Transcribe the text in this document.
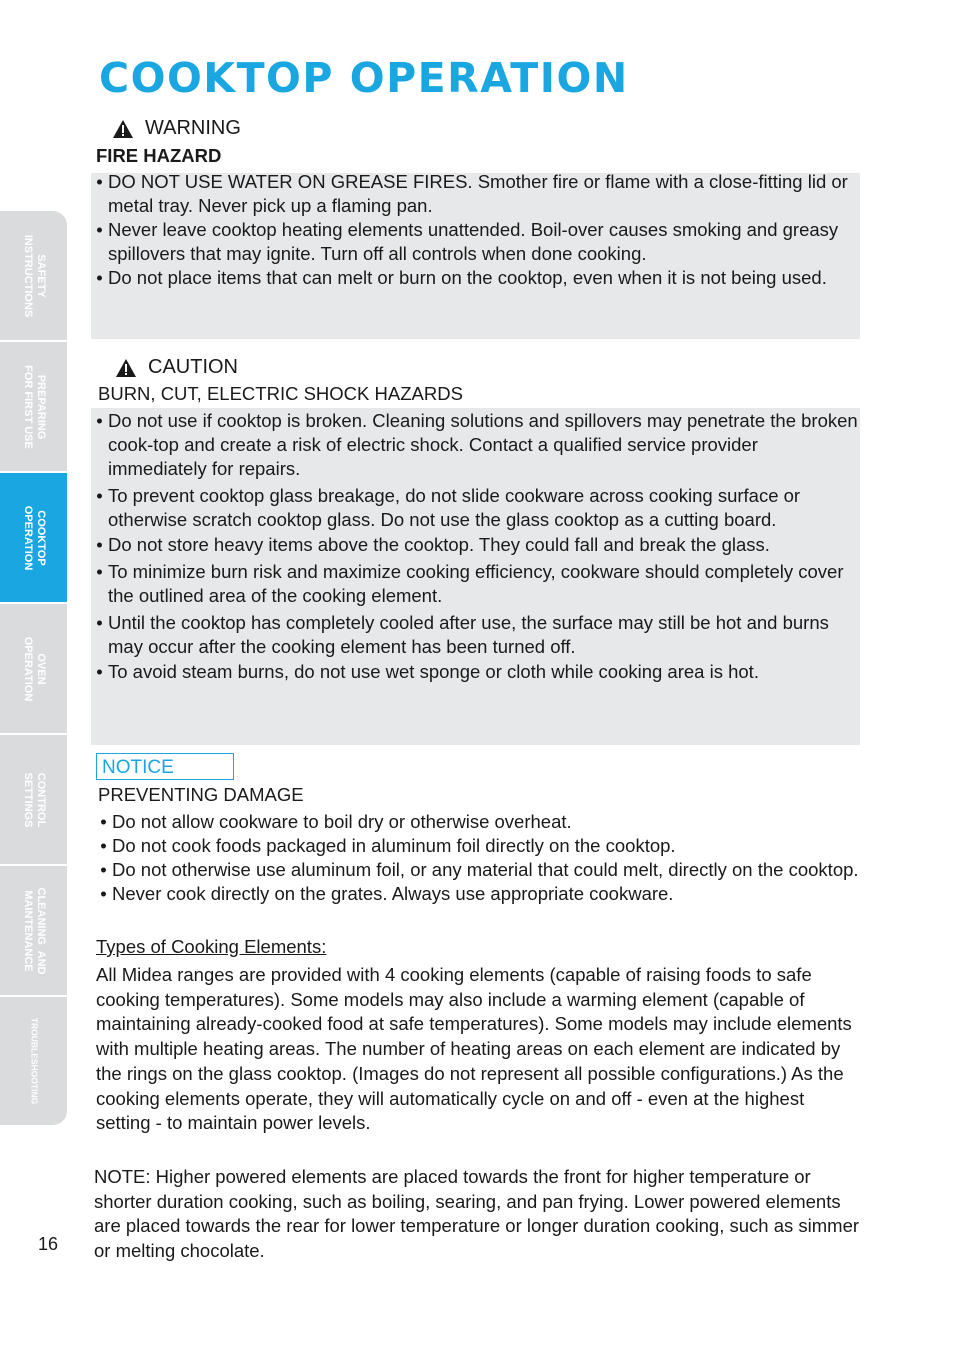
SAFETY
INSTRUCTIONS
PREPARING
FOR FIRST USE
COOKTOP
OPERATION
OVEN
OPERATION
CONTROL
SETTINGS
CLEANING  AND
MAINTENANCE
TROUBLESHOOTING
COOKTOP OPERATION
WARNING
FIRE HAZARD
• DO NOT USE WATER ON GREASE FIRES. Smother fire or flame with a close-fitting lid or metal tray. Never pick up a flaming pan.
• Never leave cooktop heating elements unattended. Boil-over causes smoking and greasy spillovers that may ignite. Turn off all controls when done cooking.
• Do not place items that can melt or burn on the cooktop, even when it is not being used.
CAUTION
BURN, CUT, ELECTRIC SHOCK HAZARDS
• Do not use if cooktop is broken. Cleaning solutions and spillovers may penetrate the broken cook-top and create a risk of electric shock. Contact a qualified service provider immediately for repairs.
• To prevent cooktop glass breakage, do not slide cookware across cooking surface or otherwise scratch cooktop glass. Do not use the glass cooktop as a cutting board.
• Do not store heavy items above the cooktop. They could fall and break the glass.
• To minimize burn risk and maximize cooking efficiency, cookware should completely cover the outlined area of the cooking element.
• Until the cooktop has completely cooled after use, the surface may still be hot and burns may occur after the cooking element has been turned off.
• To avoid steam burns, do not use wet sponge or cloth while cooking area is hot.
NOTICE
PREVENTING DAMAGE
• Do not allow cookware to boil dry or otherwise overheat.
• Do not cook foods packaged in aluminum foil directly on the cooktop.
• Do not otherwise use aluminum foil, or any material that could melt, directly on the cooktop.
• Never cook directly on the grates. Always use appropriate cookware.
Types of Cooking Elements:

All Midea ranges are provided with 4 cooking elements (capable of raising foods to safe cooking temperatures). Some models may also include a warming element (capable of maintaining already-cooked food at safe temperatures). Some models may include elements with multiple heating areas. The number of heating areas on each element are indicated by the rings on the glass cooktop. (Images do not represent all possible configurations.) As the cooking elements operate, they will automatically cycle on and off - even at the highest setting - to maintain power levels.

NOTE: Higher powered elements are placed towards the front for higher temperature or shorter duration cooking, such as boiling, searing, and pan frying. Lower powered elements are placed towards the rear for lower temperature or longer duration cooking, such as simmer or melting chocolate.

16
